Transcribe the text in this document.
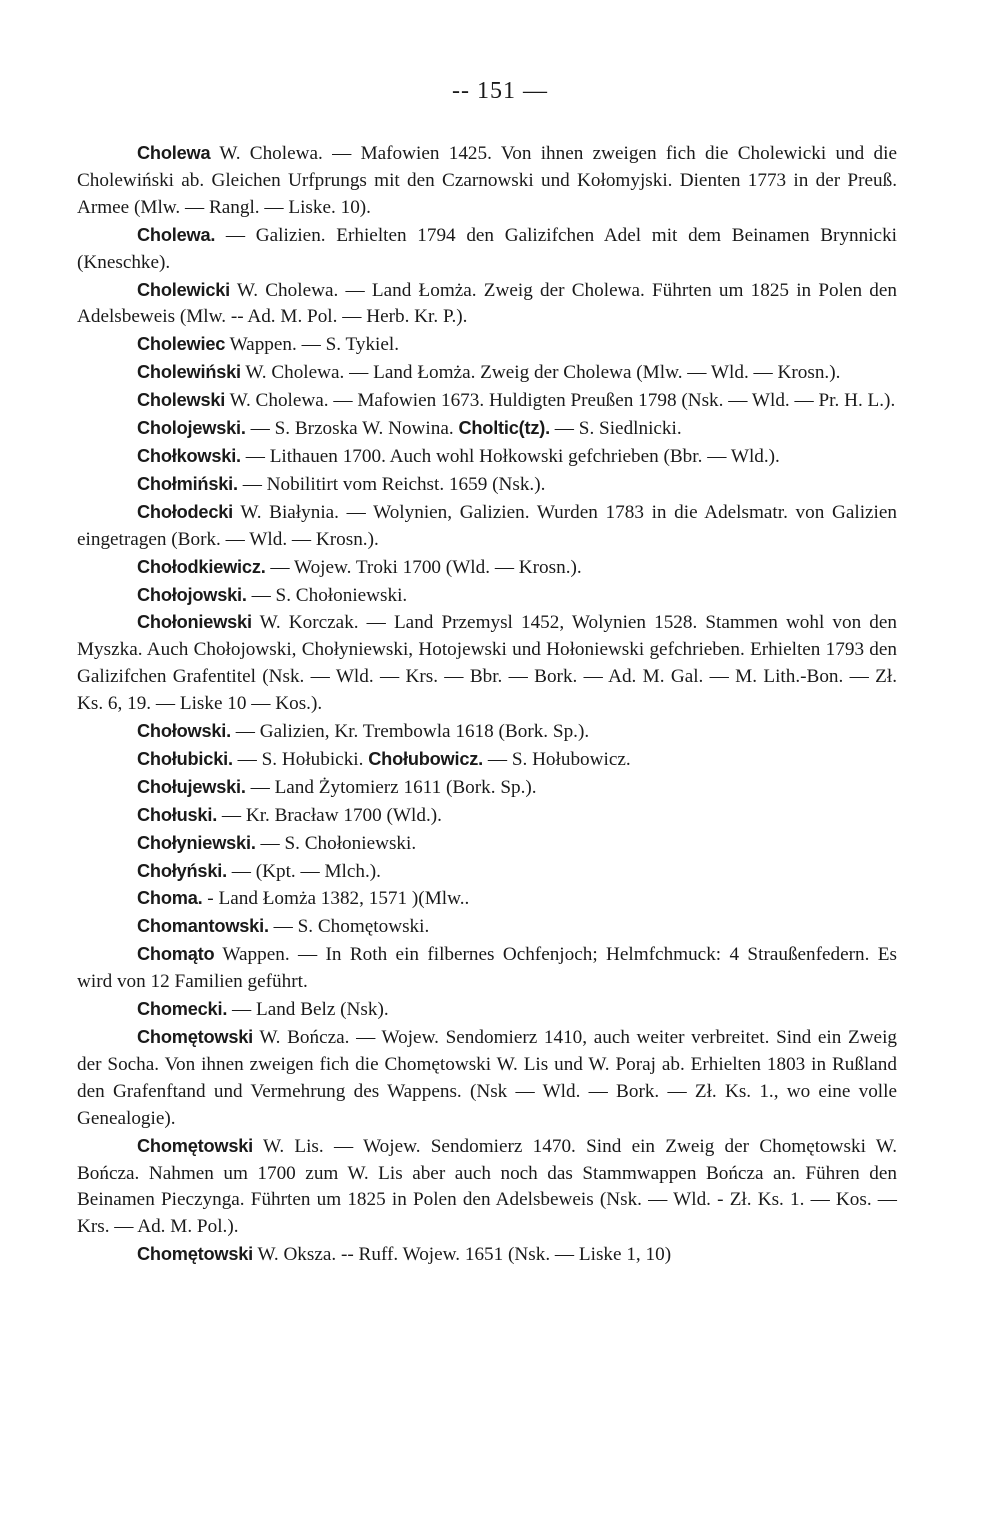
-- 151 —

Cholewa W. Cholewa. — Mafowien 1425. Von ihnen zweigen fich die Cholewicki und die Cholewiński ab. Gleichen Urfprungs mit den Czarnowski und Kołomyjski. Dienten 1773 in der Preuß. Armee (Mlw. — Rangl. — Liske. 10).

Cholewa. — Galizien. Erhielten 1794 den Galizifchen Adel mit dem Beinamen Brynnicki (Kneschke).

Cholewicki W. Cholewa. — Land Łomża. Zweig der Cholewa. Führten um 1825 in Polen den Adelsbeweis (Mlw. -- Ad. M. Pol. — Herb. Kr. P.).

Cholewiec Wappen. — S. Tykiel.

Cholewiński W. Cholewa. — Land Łomża. Zweig der Cholewa (Mlw. — Wld. — Krosn.).

Cholewski W. Cholewa. — Mafowien 1673. Huldigten Preußen 1798 (Nsk. — Wld. — Pr. H. L.).

Cholojewski. — S. Brzoska W. Nowina. Choltic(tz). — S. Siedlnicki.

Chołkowski. — Lithauen 1700. Auch wohl Hołkowski gefchrieben (Bbr. — Wld.).

Chołmiński. — Nobilitirt vom Reichst. 1659 (Nsk.).

Chołodecki W. Białynia. — Wolynien, Galizien. Wurden 1783 in die Adelsmatr. von Galizien eingetragen (Bork. — Wld. — Krosn.).

Chołodkiewicz. — Wojew. Troki 1700 (Wld. — Krosn.).

Chołojowski. — S. Chołoniewski.

Chołoniewski W. Korczak. — Land Przemysl 1452, Wolynien 1528. Stammen wohl von den Myszka. Auch Chołojowski, Chołyniewski, Hotojewski und Hołoniewski gefchrieben. Erhielten 1793 den Galizifchen Grafentitel (Nsk. — Wld. — Krs. — Bbr. — Bork. — Ad. M. Gal. — M. Lith.-Bon. — Zł. Ks. 6, 19. — Liske 10 — Kos.).

Chołowski. — Galizien, Kr. Trembowla 1618 (Bork. Sp.).

Chołubicki. — S. Hołubicki. Chołubowicz. — S. Hołubowicz.

Chołujewski. — Land Żytomierz 1611 (Bork. Sp.).

Chołuski. — Kr. Bracław 1700 (Wld.).

Chołyniewski. — S. Chołoniewski.

Chołyński. — (Kpt. — Mlch.).

Choma. - Land Łomża 1382, 1571 )(Mlw..

Chomantowski. — S. Chomętowski.

Chomąto Wappen. — In Roth ein filbernes Ochfenjoch; Helmfchmuck: 4 Straußenfedern. Es wird von 12 Familien geführt.

Chomecki. — Land Belz (Nsk).

Chomętowski W. Bończa. — Wojew. Sendomierz 1410, auch weiter verbreitet. Sind ein Zweig der Socha. Von ihnen zweigen fich die Chomętowski W. Lis und W. Poraj ab. Erhielten 1803 in Rußland den Grafenftand und Vermehrung des Wappens. (Nsk — Wld. — Bork. — Zł. Ks. 1., wo eine volle Genealogie).

Chomętowski W. Lis. — Wojew. Sendomierz 1470. Sind ein Zweig der Chomętowski W. Bończa. Nahmen um 1700 zum W. Lis aber auch noch das Stammwappen Bończa an. Führen den Beinamen Pieczynga. Führten um 1825 in Polen den Adelsbeweis (Nsk. — Wld. - Zł. Ks. 1. — Kos. — Krs. — Ad. M. Pol.).

Chomętowski W. Oksza. -- Ruff. Wojew. 1651 (Nsk. — Liske 1, 10)
